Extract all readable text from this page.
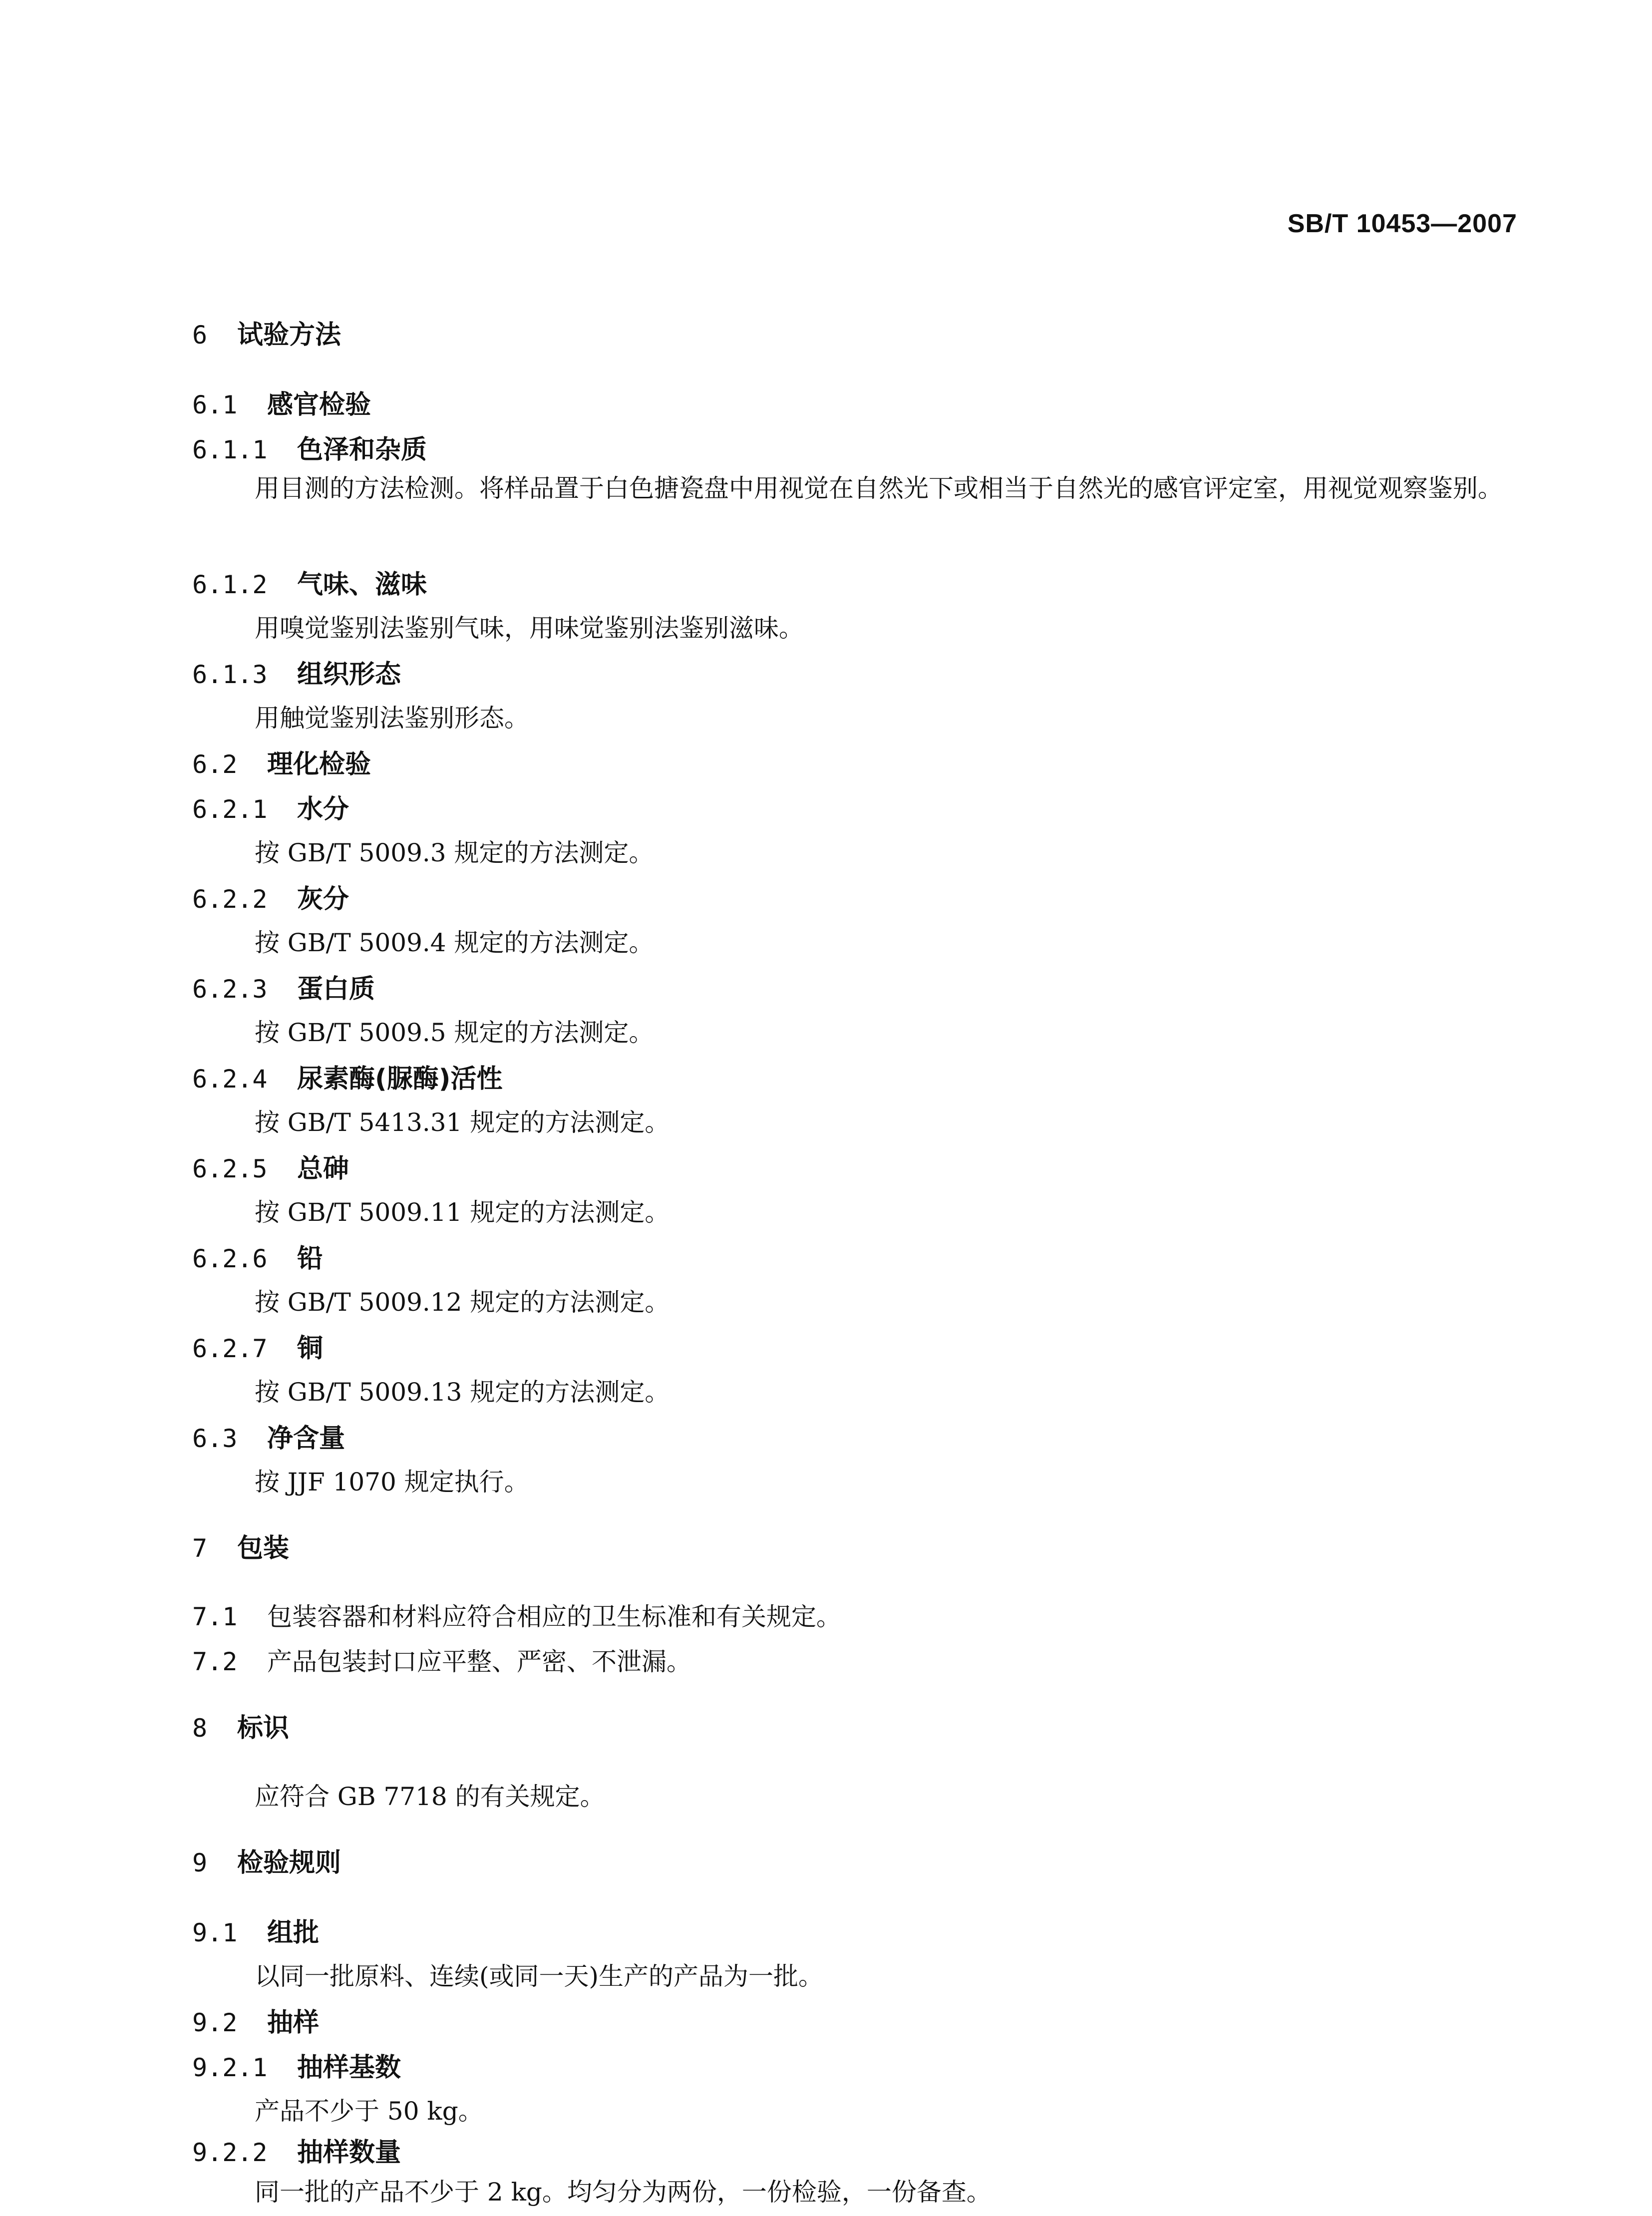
SB/T 10453—2007
6 试验方法
6.1 感官检验
6.1.1 色泽和杂质
用目测的方法检测。将样品置于白色搪瓷盘中用视觉在自然光下或相当于自然光的感官评定室，用视觉观察鉴别。
6.1.2 气味、滋味
用嗅觉鉴别法鉴别气味，用味觉鉴别法鉴别滋味。
6.1.3 组织形态
用触觉鉴别法鉴别形态。
6.2 理化检验
6.2.1 水分
按 GB/T 5009.3 规定的方法测定。
6.2.2 灰分
按 GB/T 5009.4 规定的方法测定。
6.2.3 蛋白质
按 GB/T 5009.5 规定的方法测定。
6.2.4 尿素酶(脲酶)活性
按 GB/T 5413.31 规定的方法测定。
6.2.5 总砷
按 GB/T 5009.11 规定的方法测定。
6.2.6 铅
按 GB/T 5009.12 规定的方法测定。
6.2.7 铜
按 GB/T 5009.13 规定的方法测定。
6.3 净含量
按 JJF 1070 规定执行。
7 包装
7.1 包装容器和材料应符合相应的卫生标准和有关规定。
7.2 产品包装封口应平整、严密、不泄漏。
8 标识
应符合 GB 7718 的有关规定。
9 检验规则
9.1 组批
以同一批原料、连续(或同一天)生产的产品为一批。
9.2 抽样
9.2.1 抽样基数
产品不少于 50 kg。
9.2.2 抽样数量
同一批的产品不少于 2 kg。均匀分为两份，一份检验，一份备查。
